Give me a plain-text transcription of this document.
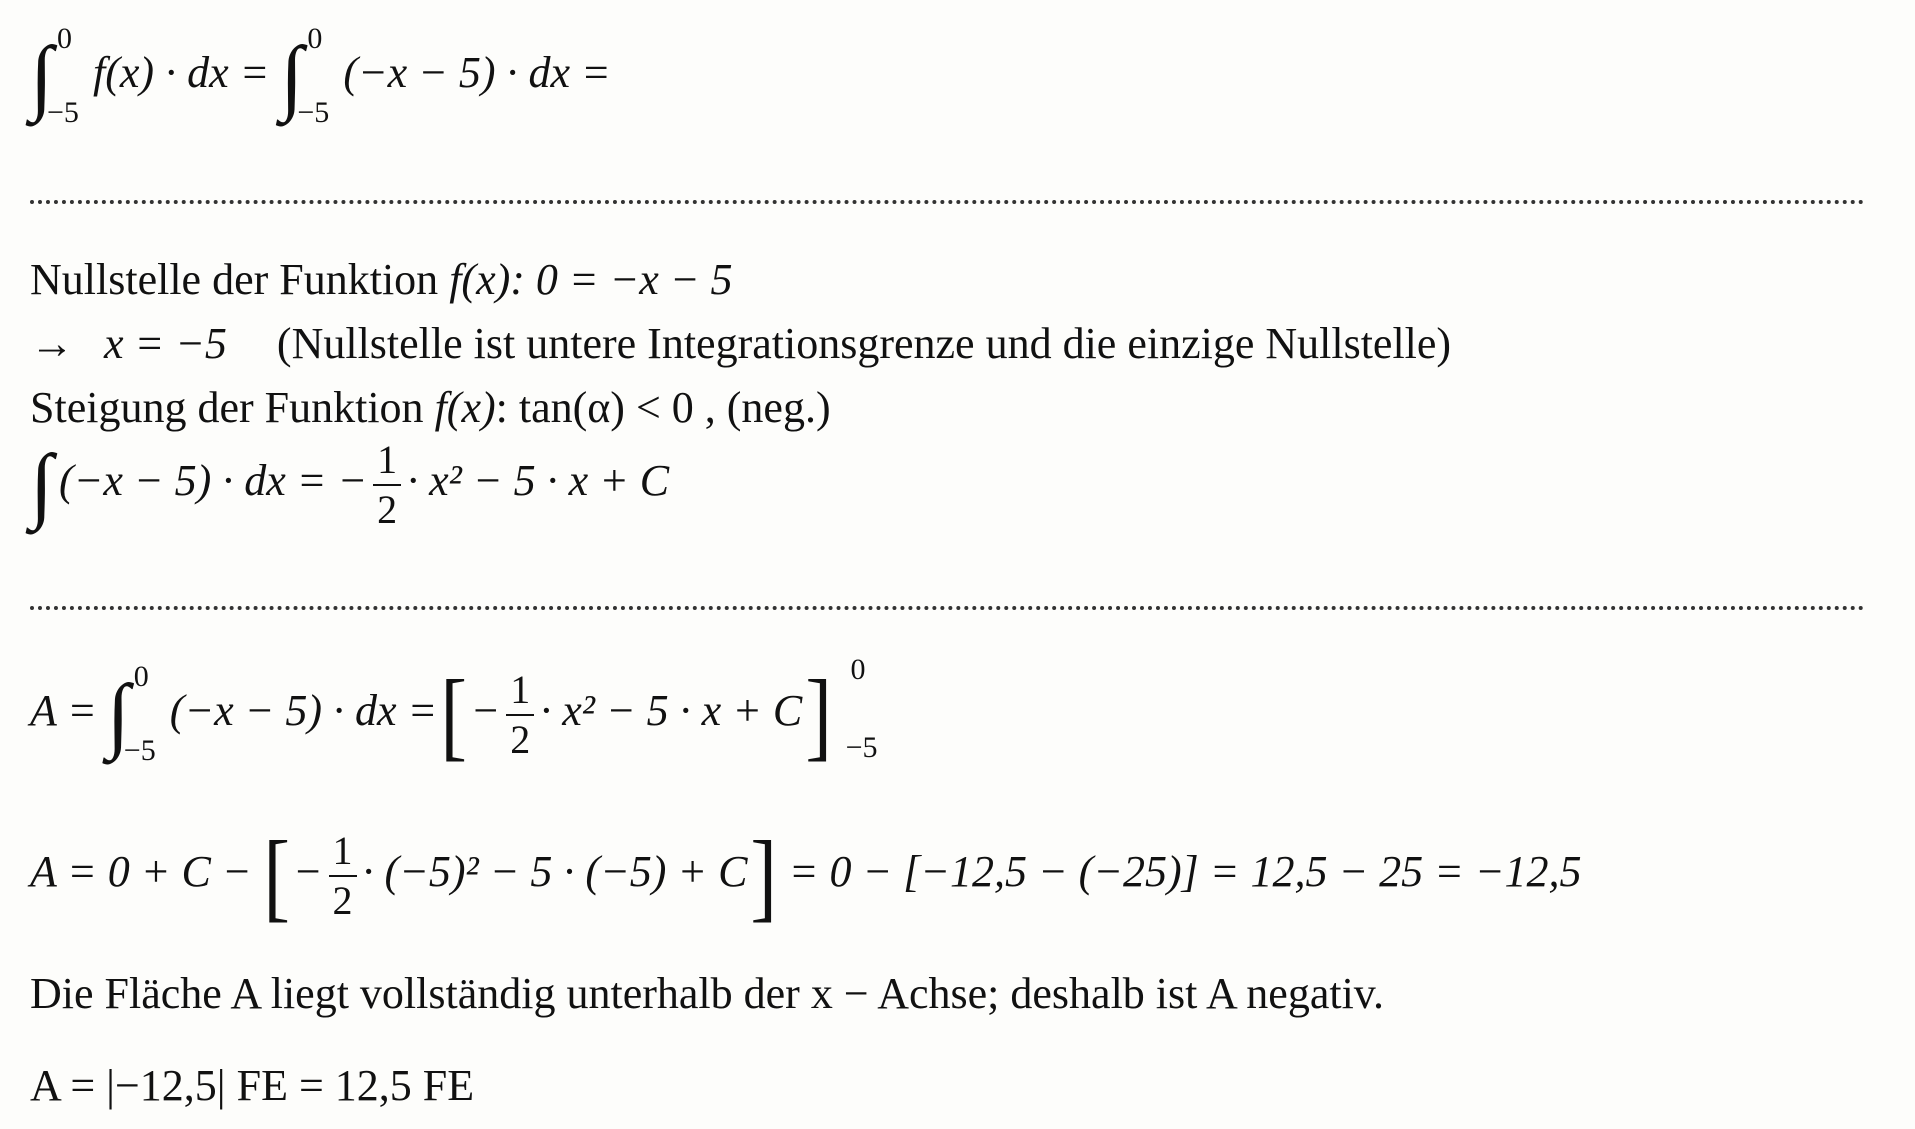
∫ 0
−5
f(x) · dx = ∫ 0
−5
(−x − 5) · dx =
Nullstelle der Funktion f(x): 0 = −x − 5
→ x = −5 (Nullstelle ist untere Integrationsgrenze und die einzige Nullstelle)
Steigung der Funktion f(x): tan(α) < 0 , (neg.)
∫ (−x − 5) · dx = − $\frac{1}{2} \cdot x^2 - 5 \cdot x + C$
A = ∫ 0
−5
(−x − 5) · dx =[− $\frac{1}{2} \cdot x^2 - 5 \cdot x + C$] 0
−5
A = 0 + C − [− $\frac{1}{2} \cdot (-5)^2 - 5 \cdot (-5) + C] = 0 - [-12,5 - (-25)] = 12,5 - 25 = -12,5$
Die Fläche A liegt vollständig unterhalb der x − Achse; deshalb ist A negativ.
A = |−12,5| FE = 12,5 FE
